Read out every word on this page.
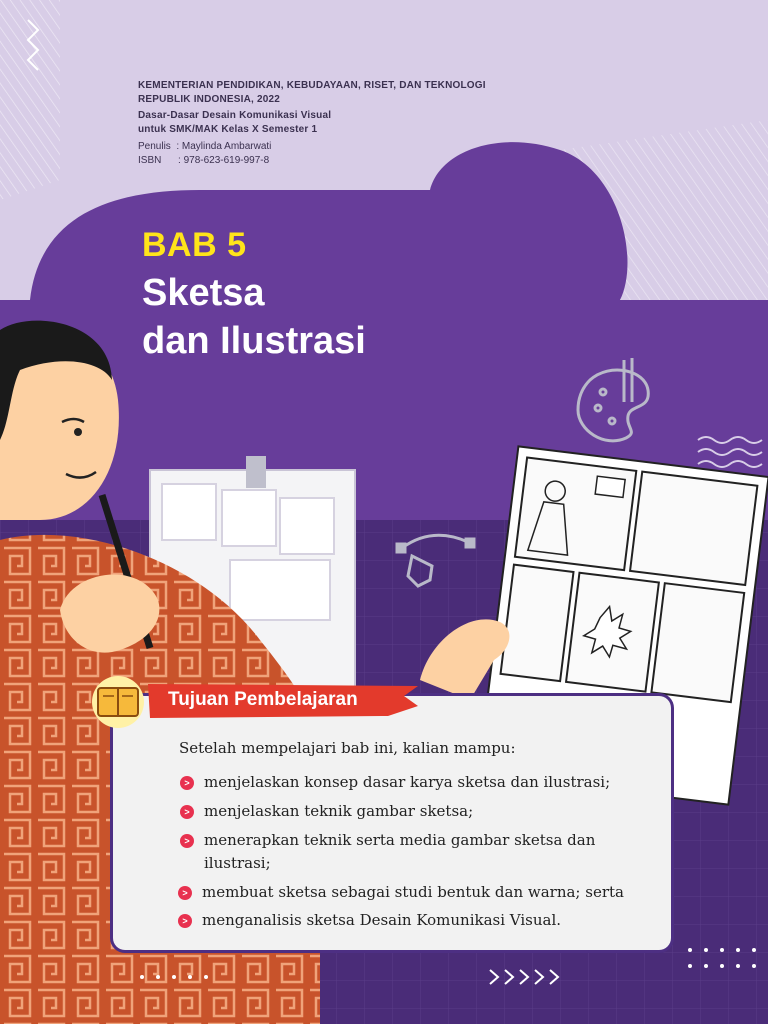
KEMENTERIAN PENDIDIKAN, KEBUDAYAAN, RISET, DAN TEKNOLOGI
REPUBLIK INDONESIA, 2022
Dasar-Dasar Desain Komunikasi Visual
untuk SMK/MAK Kelas X Semester 1
Penulis  : Maylinda Ambarwati
ISBN      : 978-623-619-997-8
BAB 5
Sketsa
dan Ilustrasi
Tujuan Pembelajaran
Setelah mempelajari bab ini, kalian mampu:
> menjelaskan konsep dasar karya sketsa dan ilustrasi;
> menjelaskan teknik gambar sketsa;
> menerapkan teknik serta media gambar sketsa dan
ilustrasi;
> membuat sketsa sebagai studi bentuk dan warna; serta
> menganalisis sketsa Desain Komunikasi Visual.
